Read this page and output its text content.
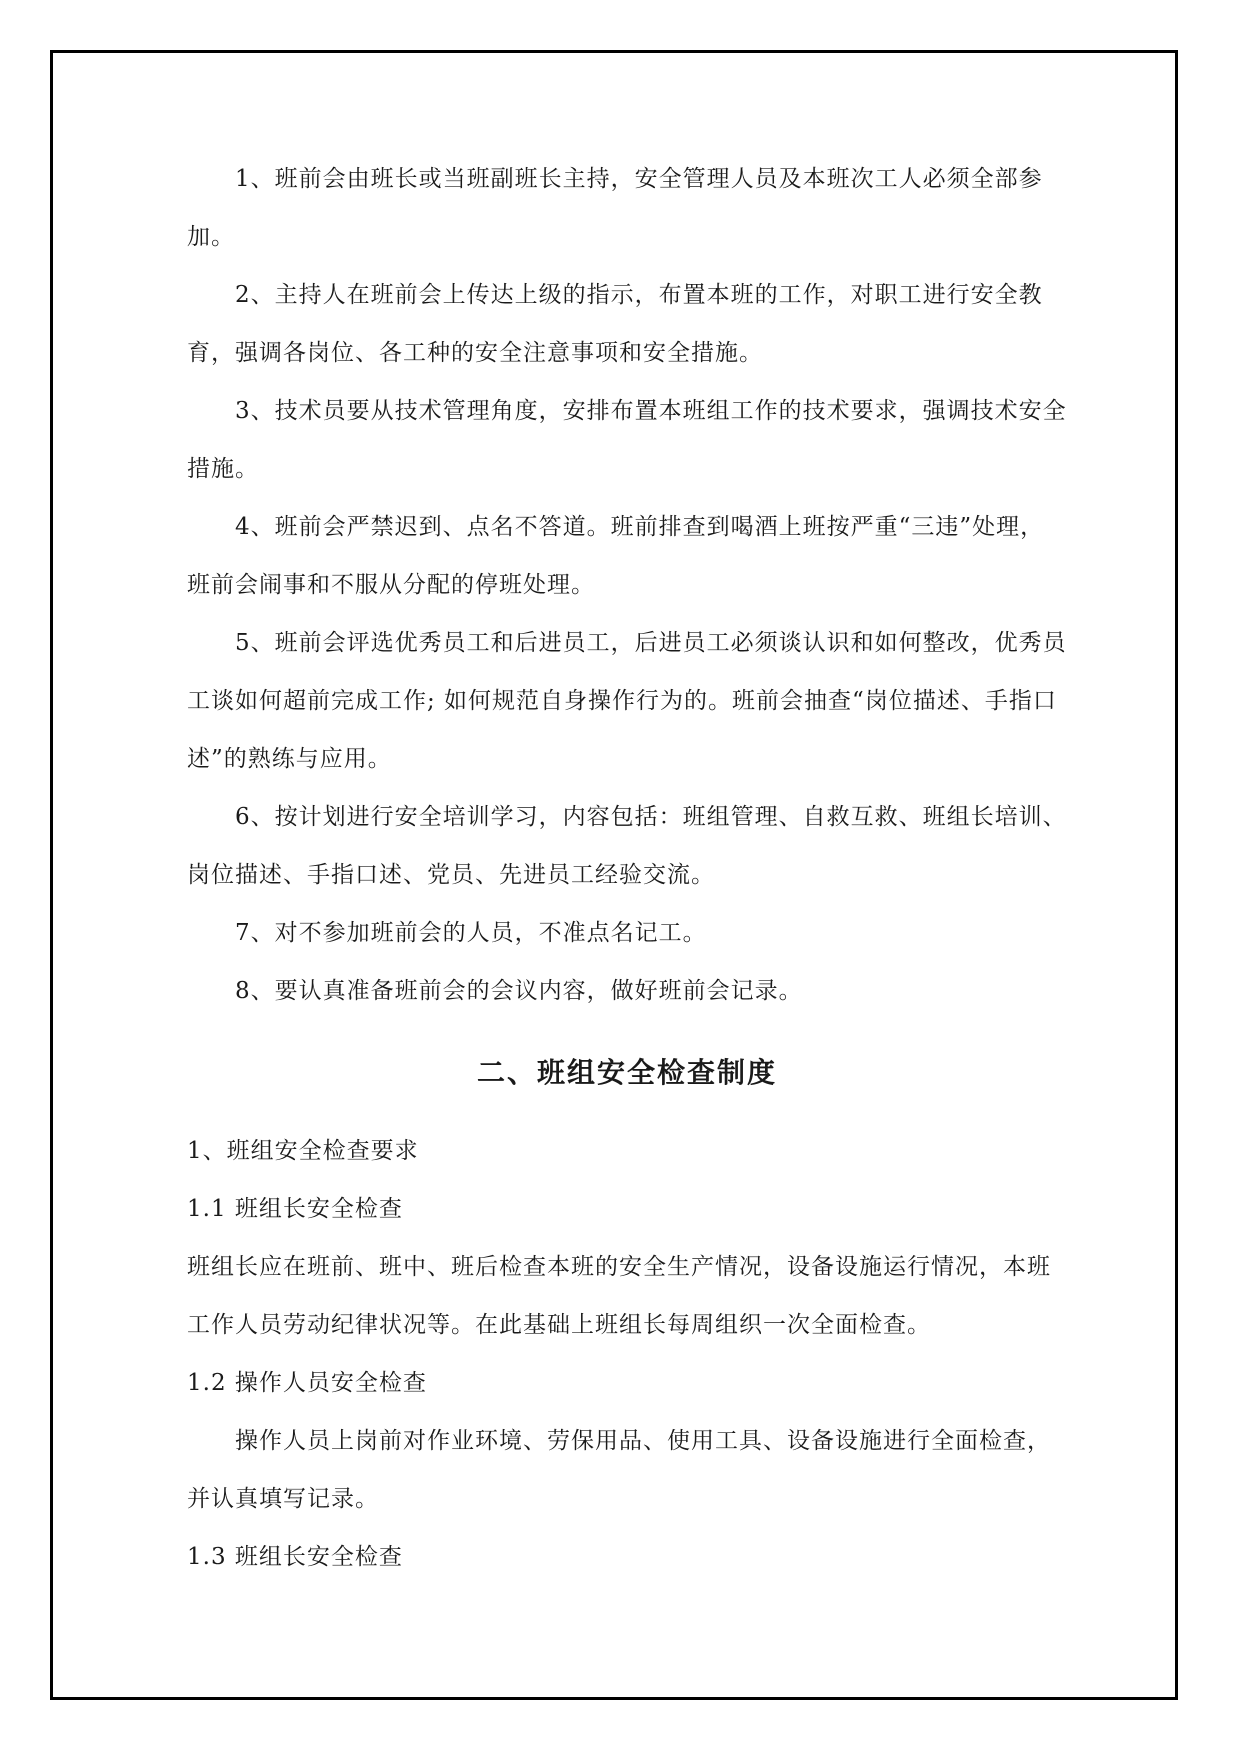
1、班前会由班长或当班副班长主持，安全管理人员及本班次工人必须全部参加。

2、主持人在班前会上传达上级的指示，布置本班的工作，对职工进行安全教育，强调各岗位、各工种的安全注意事项和安全措施。

3、技术员要从技术管理角度，安排布置本班组工作的技术要求，强调技术安全措施。

4、班前会严禁迟到、点名不答道。班前排查到喝酒上班按严重“三违”处理，班前会闹事和不服从分配的停班处理。

5、班前会评选优秀员工和后进员工，后进员工必须谈认识和如何整改，优秀员工谈如何超前完成工作; 如何规范自身操作行为的。班前会抽查“岗位描述、手指口述”的熟练与应用。

6、按计划进行安全培训学习，内容包括：班组管理、自救互救、班组长培训、岗位描述、手指口述、党员、先进员工经验交流。

7、对不参加班前会的人员，不准点名记工。

8、要认真准备班前会的会议内容，做好班前会记录。

二、班组安全检查制度

1、班组安全检查要求

1.1 班组长安全检查

班组长应在班前、班中、班后检查本班的安全生产情况，设备设施运行情况，本班工作人员劳动纪律状况等。在此基础上班组长每周组织一次全面检查。

1.2 操作人员安全检查

操作人员上岗前对作业环境、劳保用品、使用工具、设备设施进行全面检查，并认真填写记录。

1.3 班组长安全检查
